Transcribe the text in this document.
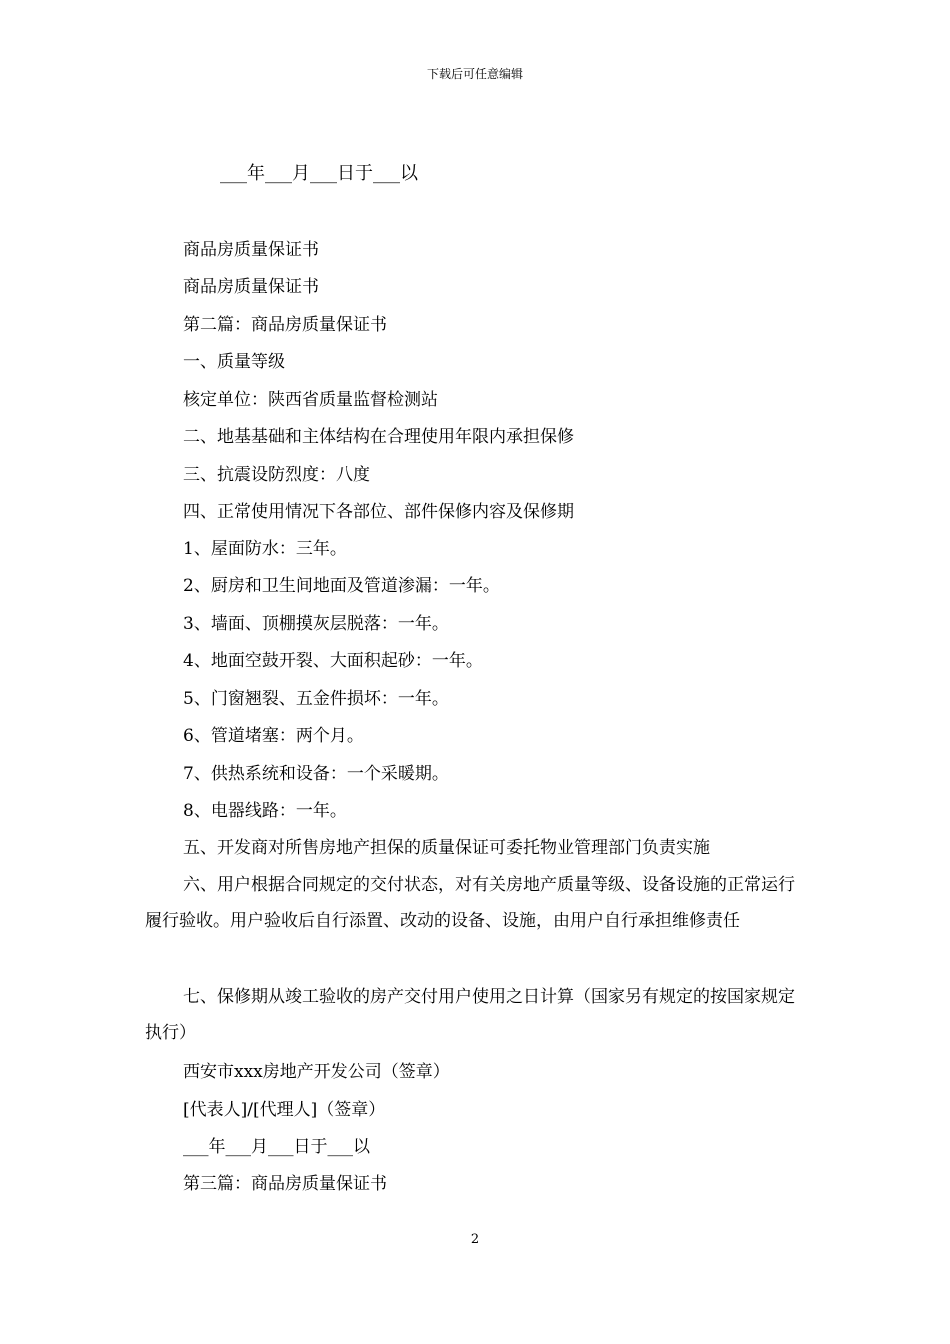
下载后可任意编辑
___年___月___日于___以
商品房质量保证书
商品房质量保证书
第二篇：商品房质量保证书
一、质量等级
核定单位：陕西省质量监督检测站
二、地基基础和主体结构在合理使用年限内承担保修
三、抗震设防烈度：八度
四、正常使用情况下各部位、部件保修内容及保修期
1、屋面防水：三年。
2、厨房和卫生间地面及管道渗漏：一年。
3、墙面、顶棚摸灰层脱落：一年。
4、地面空鼓开裂、大面积起砂：一年。
5、门窗翘裂、五金件损坏：一年。
6、管道堵塞：两个月。
7、供热系统和设备：一个采暖期。
8、电器线路：一年。
五、开发商对所售房地产担保的质量保证可委托物业管理部门负责实施
六、用户根据合同规定的交付状态，对有关房地产质量等级、设备设施的正常运行履行验收。用户验收后自行添置、改动的设备、设施，由用户自行承担维修责任
七、保修期从竣工验收的房产交付用户使用之日计算（国家另有规定的按国家规定执行）
西安市xxx房地产开发公司（签章）
[代表人]/[代理人]（签章）
___年___月___日于___以
第三篇：商品房质量保证书
2
